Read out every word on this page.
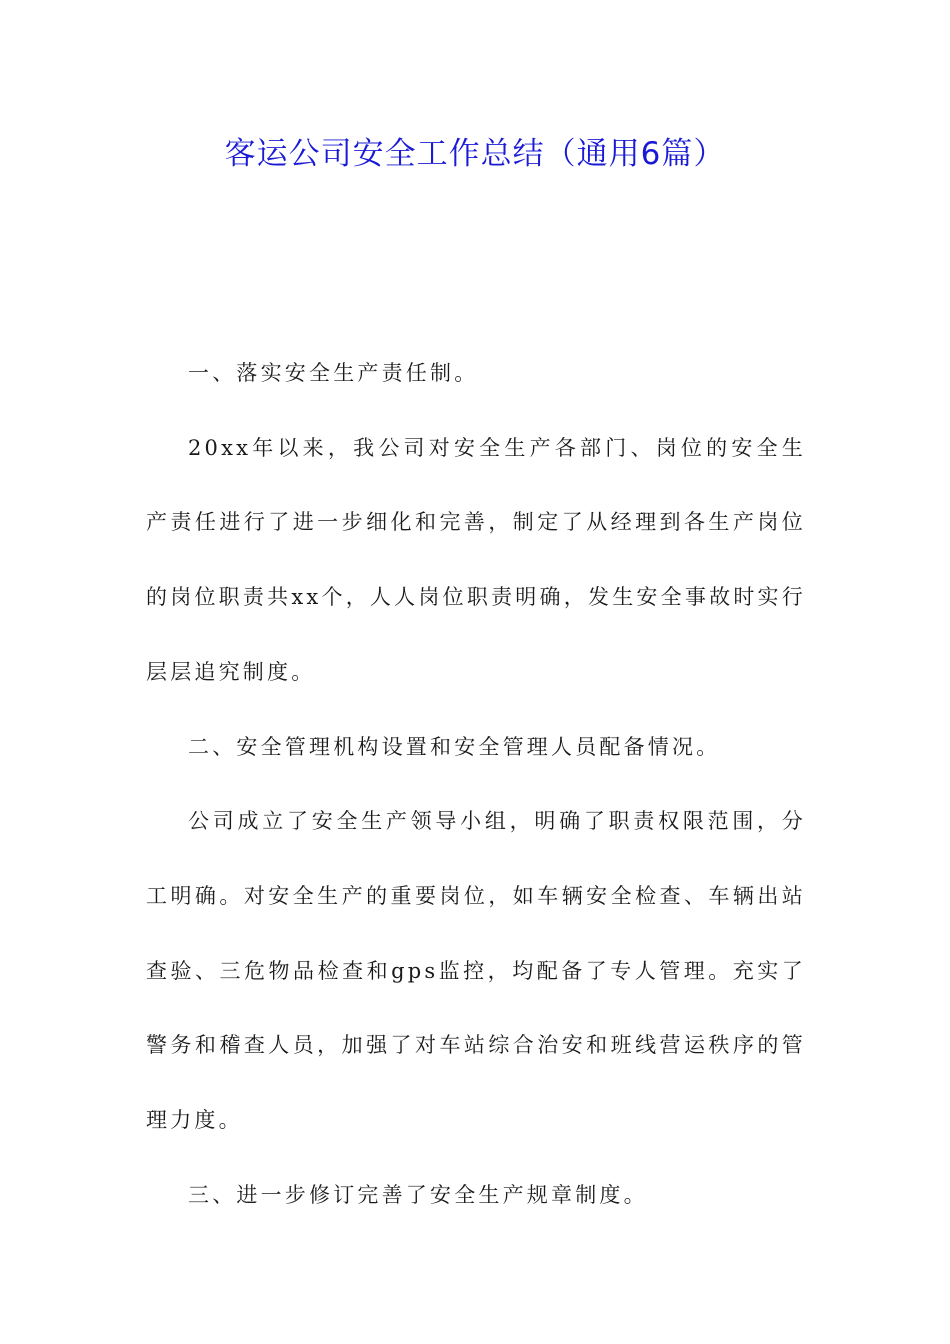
客运公司安全工作总结（通用6篇）

一、落实安全生产责任制。

20xx年以来，我公司对安全生产各部门、岗位的安全生产责任进行了进一步细化和完善，制定了从经理到各生产岗位的岗位职责共xx个，人人岗位职责明确，发生安全事故时实行层层追究制度。

二、安全管理机构设置和安全管理人员配备情况。

公司成立了安全生产领导小组，明确了职责权限范围，分工明确。对安全生产的重要岗位，如车辆安全检查、车辆出站查验、三危物品检查和gps监控，均配备了专人管理。充实了警务和稽查人员，加强了对车站综合治安和班线营运秩序的管理力度。

三、进一步修订完善了安全生产规章制度。
